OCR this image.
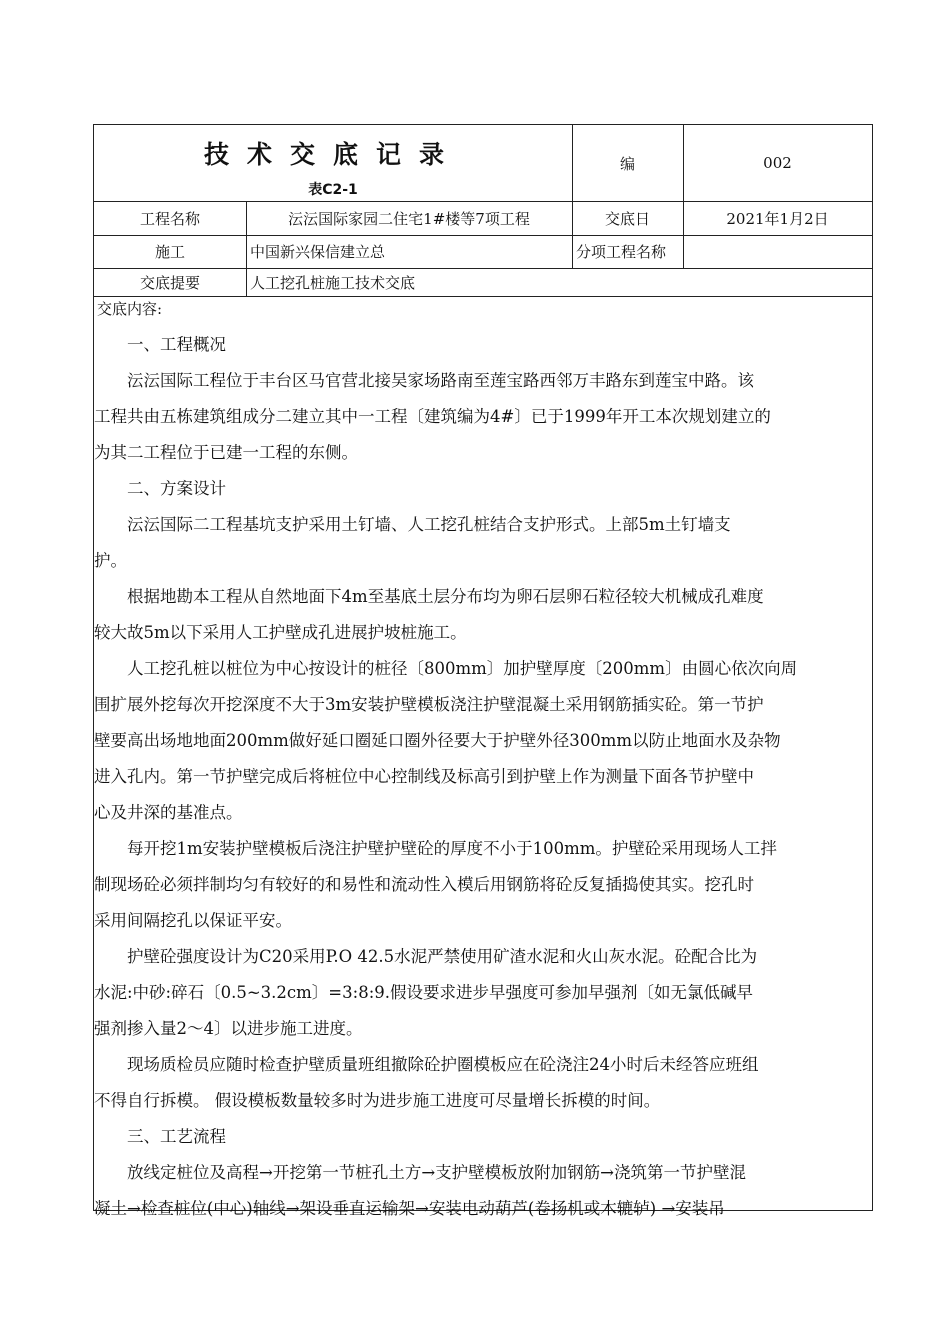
技术交底记录
表C2-1
编	002
工程名称	沄沄国际家园二住宅1#楼等7项工程	交底日	2021年1月2日
施工	中国新兴保信建立总	分项工程名称
交底提要	人工挖孔桩施工技术交底
交底内容:
　　一、工程概况
　　沄沄国际工程位于丰台区马官营北接吴家场路南至莲宝路西邻万丰路东到莲宝中路。该
工程共由五栋建筑组成分二建立其中一工程〔建筑编为4#〕已于1999年开工本次规划建立的
为其二工程位于已建一工程的东侧。
　　二、方案设计
　　沄沄国际二工程基坑支护采用土钉墙、人工挖孔桩结合支护形式。上部5m土钉墙支
护。
　　根据地勘本工程从自然地面下4m至基底土层分布均为卵石层卵石粒径较大机械成孔难度
较大故5m以下采用人工护壁成孔进展护坡桩施工。
　　人工挖孔桩以桩位为中心按设计的桩径〔800mm〕加护壁厚度〔200mm〕由圆心依次向周
围扩展外挖每次开挖深度不大于3m安装护壁模板浇注护壁混凝土采用钢筋插实砼。第一节护
壁要高出场地地面200mm做好延口圈延口圈外径要大于护壁外径300mm以防止地面水及杂物
进入孔内。第一节护壁完成后将桩位中心控制线及标高引到护壁上作为测量下面各节护壁中
心及井深的基准点。
　　每开挖1m安装护壁模板后浇注护壁护壁砼的厚度不小于100mm。护壁砼采用现场人工拌
制现场砼必须拌制均匀有较好的和易性和流动性入模后用钢筋将砼反复插捣使其实。挖孔时
采用间隔挖孔以保证平安。
　　护壁砼强度设计为C20采用P.O 42.5水泥严禁使用矿渣水泥和火山灰水泥。砼配合比为
水泥:中砂:碎石〔0.5~3.2cm〕=3:8:9.假设要求进步早强度可参加早强剂〔如无氯低碱早
强剂掺入量2～4〕以进步施工进度。
　　现场质检员应随时检查护壁质量班组撤除砼护圈模板应在砼浇注24小时后未经答应班组
不得自行拆模。 假设模板数量较多时为进步施工进度可尽量增长拆模的时间。
　　三、工艺流程
　　放线定桩位及高程→开挖第一节桩孔土方→支护壁模板放附加钢筋→浇筑第一节护壁混
凝土→检查桩位(中心)轴线→架设垂直运输架→安装电动葫芦(卷扬机或木辘轳) →安装吊
